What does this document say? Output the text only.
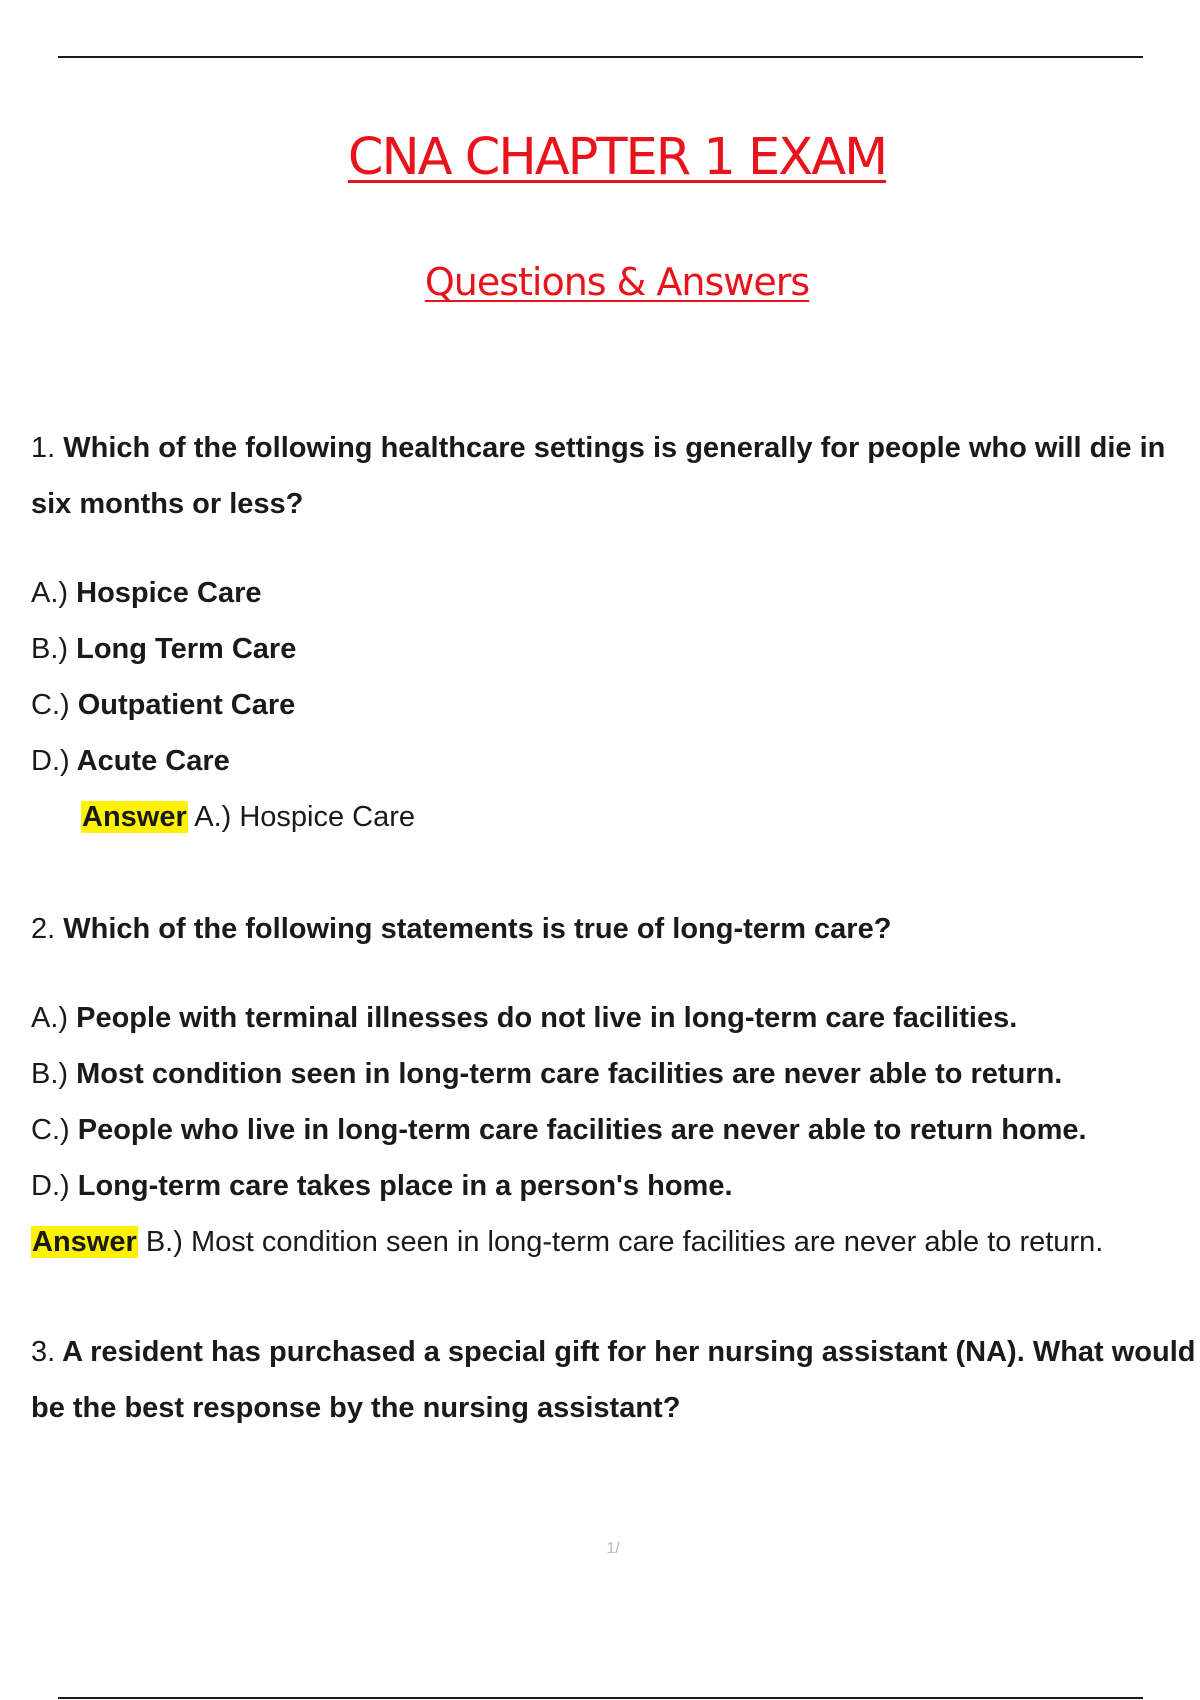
CNA CHAPTER 1 EXAM
Questions & Answers
1. Which of the following healthcare settings is generally for people who will die in six months or less?
A.) Hospice Care
B.) Long Term Care
C.) Outpatient Care
D.) Acute Care
Answer A.) Hospice Care
2. Which of the following statements is true of long-term care?
A.) People with terminal illnesses do not live in long-term care facilities.
B.) Most condition seen in long-term care facilities are never able to return.
C.) People who live in long-term care facilities are never able to return home.
D.) Long-term care takes place in a person's home.
Answer B.) Most condition seen in long-term care facilities are never able to return.
3. A resident has purchased a special gift for her nursing assistant (NA). What would be the best response by the nursing assistant?
1/
